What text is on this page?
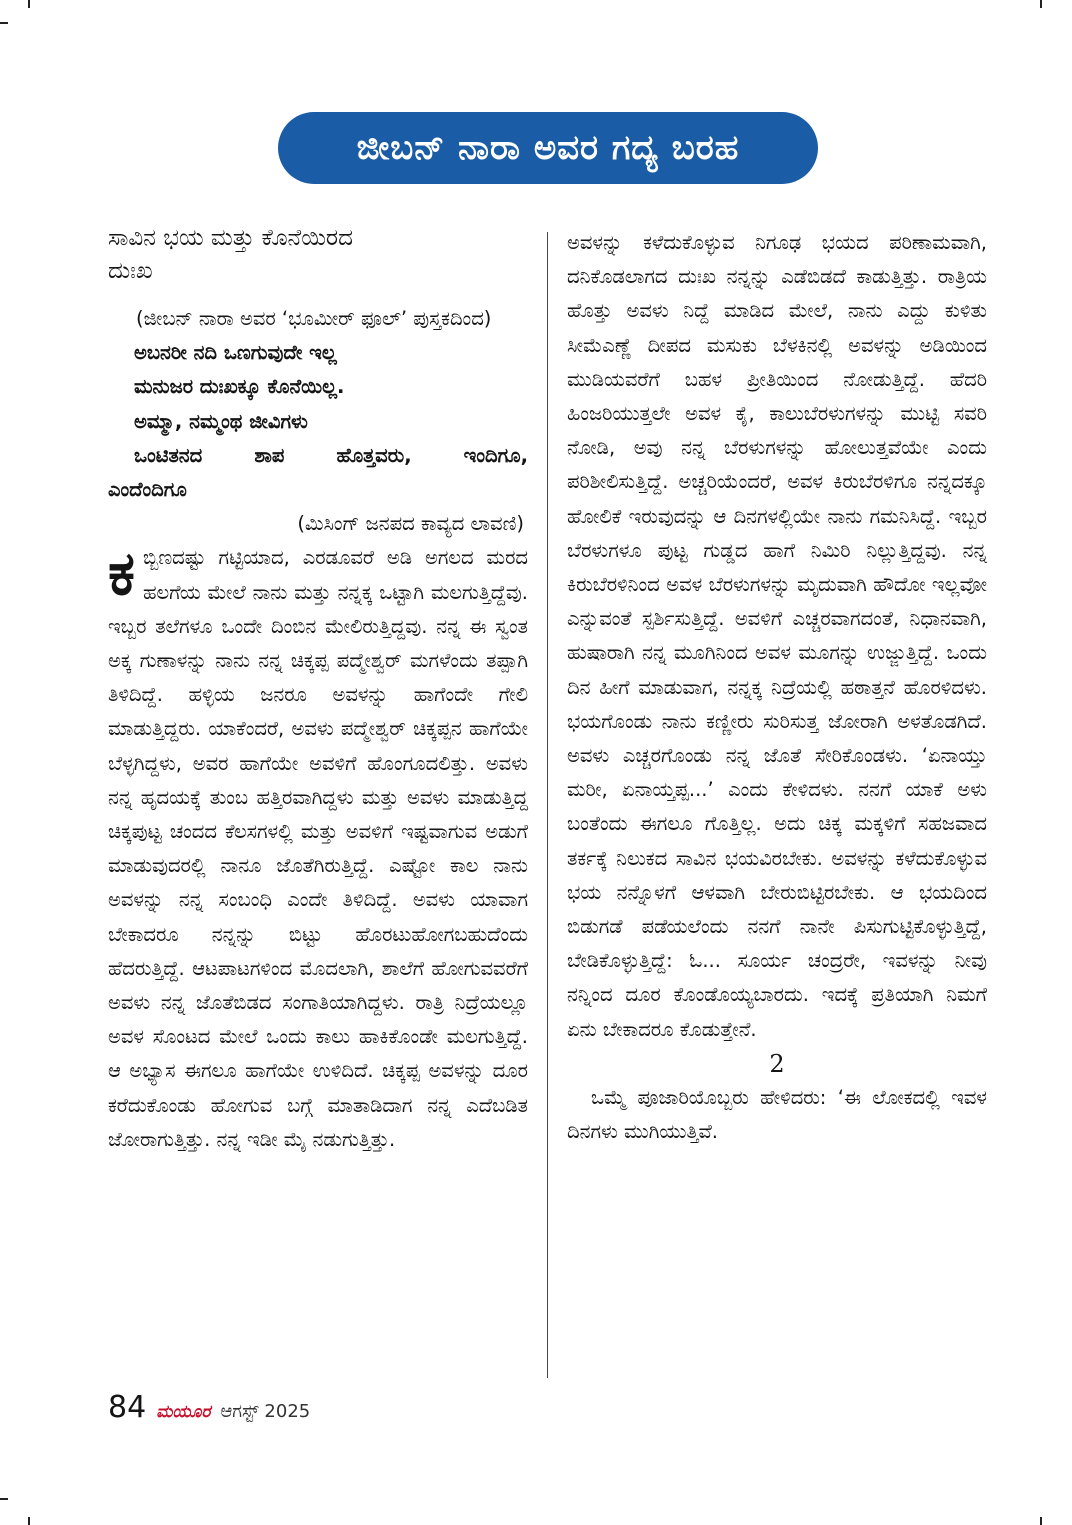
ಜೀಬನ್ ನಾರಾ ಅವರ ಗದ್ಯ ಬರಹ

ಸಾವಿನ ಭಯ ಮತ್ತು ಕೊನೆಯಿರದ
ದುಃಖ

(ಜೀಬನ್ ನಾರಾ ಅವರ ‘ಭೂಮೀರ್ ಫೂಲ್’ ಪುಸ್ತಕದಿಂದ)

ಅಬನರೀ ನದಿ ಒಣಗುವುದೇ ಇಲ್ಲ

ಮನುಜರ ದುಃಖಕ್ಕೂ ಕೊನೆಯಿಲ್ಲ.

ಅಮ್ಮಾ, ನಮ್ಮಂಥ ಜೀವಿಗಳು

ಒಂಟಿತನದ ಶಾಪ ಹೊತ್ತವರು, ಇಂದಿಗೂ,

ಎಂದೆಂದಿಗೂ

(ಮಿಸಿಂಗ್ ಜನಪದ ಕಾವ್ಯದ ಲಾವಣಿ)

ಕಬ್ಬಿಣದಷ್ಟು ಗಟ್ಟಿಯಾದ, ಎರಡೂವರೆ ಅಡಿ ಅಗಲದ ಮರದ ಹಲಗೆಯ ಮೇಲೆ ನಾನು ಮತ್ತು ನನ್ನಕ್ಕ ಒಟ್ಟಾಗಿ ಮಲಗುತ್ತಿದ್ದೆವು. ಇಬ್ಬರ ತಲೆಗಳೂ ಒಂದೇ ದಿಂಬಿನ ಮೇಲಿರುತ್ತಿದ್ದವು. ನನ್ನ ಈ ಸ್ವಂತ ಅಕ್ಕ ಗುಣಾಳನ್ನು ನಾನು ನನ್ನ ಚಿಕ್ಕಪ್ಪ ಪದ್ಮೇಶ್ವರ್ ಮಗಳೆಂದು ತಪ್ಪಾಗಿ ತಿಳಿದಿದ್ದೆ. ಹಳ್ಳಿಯ ಜನರೂ ಅವಳನ್ನು ಹಾಗೆಂದೇ ಗೇಲಿ ಮಾಡುತ್ತಿದ್ದರು. ಯಾಕೆಂದರೆ, ಅವಳು ಪದ್ಮೇಶ್ವರ್ ಚಿಕ್ಕಪ್ಪನ ಹಾಗೆಯೇ ಬೆಳ್ಳಗಿದ್ದಳು, ಅವರ ಹಾಗೆಯೇ ಅವಳಿಗೆ ಹೊಂಗೂದಲಿತ್ತು. ಅವಳು ನನ್ನ ಹೃದಯಕ್ಕೆ ತುಂಬ ಹತ್ತಿರವಾಗಿದ್ದಳು ಮತ್ತು ಅವಳು ಮಾಡುತ್ತಿದ್ದ ಚಿಕ್ಕಪುಟ್ಟ ಚಂದದ ಕೆಲಸಗಳಲ್ಲಿ ಮತ್ತು ಅವಳಿಗೆ ಇಷ್ಟವಾಗುವ ಅಡುಗೆ ಮಾಡುವುದರಲ್ಲಿ ನಾನೂ ಜೊತೆಗಿರುತ್ತಿದ್ದೆ. ಎಷ್ಟೋ ಕಾಲ ನಾನು ಅವಳನ್ನು ನನ್ನ ಸಂಬಂಧಿ ಎಂದೇ ತಿಳಿದಿದ್ದೆ. ಅವಳು ಯಾವಾಗ ಬೇಕಾದರೂ ನನ್ನನ್ನು ಬಿಟ್ಟು ಹೊರಟುಹೋಗಬಹುದೆಂದು ಹೆದರುತ್ತಿದ್ದೆ. ಆಟಪಾಟಗಳಿಂದ ಮೊದಲಾಗಿ, ಶಾಲೆಗೆ ಹೋಗುವವರೆಗೆ ಅವಳು ನನ್ನ ಜೊತೆಬಿಡದ ಸಂಗಾತಿಯಾಗಿದ್ದಳು. ರಾತ್ರಿ ನಿದ್ರೆಯಲ್ಲೂ ಅವಳ ಸೊಂಟದ ಮೇಲೆ ಒಂದು ಕಾಲು ಹಾಕಿಕೊಂಡೇ ಮಲಗುತ್ತಿದ್ದೆ. ಆ ಅಭ್ಯಾಸ ಈಗಲೂ ಹಾಗೆಯೇ ಉಳಿದಿದೆ. ಚಿಕ್ಕಪ್ಪ ಅವಳನ್ನು ದೂರ ಕರೆದುಕೊಂಡು ಹೋಗುವ ಬಗ್ಗೆ ಮಾತಾಡಿದಾಗ ನನ್ನ ಎದೆಬಡಿತ ಜೋರಾಗುತ್ತಿತ್ತು. ನನ್ನ ಇಡೀ ಮೈ ನಡುಗುತ್ತಿತ್ತು.

ಅವಳನ್ನು ಕಳೆದುಕೊಳ್ಳುವ ನಿಗೂಢ ಭಯದ ಪರಿಣಾಮವಾಗಿ, ದನಿಕೊಡಲಾಗದ ದುಃಖ ನನ್ನನ್ನು ಎಡೆಬಿಡದೆ ಕಾಡುತ್ತಿತ್ತು. ರಾತ್ರಿಯ ಹೊತ್ತು ಅವಳು ನಿದ್ದೆ ಮಾಡಿದ ಮೇಲೆ, ನಾನು ಎದ್ದು ಕುಳಿತು ಸೀಮೆಎಣ್ಣೆ ದೀಪದ ಮಸುಕು ಬೆಳಕಿನಲ್ಲಿ ಅವಳನ್ನು ಅಡಿಯಿಂದ ಮುಡಿಯವರೆಗೆ ಬಹಳ ಪ್ರೀತಿಯಿಂದ ನೋಡುತ್ತಿದ್ದೆ. ಹೆದರಿ ಹಿಂಜರಿಯುತ್ತಲೇ ಅವಳ ಕೈ, ಕಾಲುಬೆರಳುಗಳನ್ನು ಮುಟ್ಟಿ ಸವರಿ ನೋಡಿ, ಅವು ನನ್ನ ಬೆರಳುಗಳನ್ನು ಹೋಲುತ್ತವೆಯೇ ಎಂದು ಪರಿಶೀಲಿಸುತ್ತಿದ್ದೆ. ಅಚ್ಚರಿಯೆಂದರೆ, ಅವಳ ಕಿರುಬೆರಳಿಗೂ ನನ್ನದಕ್ಕೂ ಹೋಲಿಕೆ ಇರುವುದನ್ನು ಆ ದಿನಗಳಲ್ಲಿಯೇ ನಾನು ಗಮನಿಸಿದ್ದೆ. ಇಬ್ಬರ ಬೆರಳುಗಳೂ ಪುಟ್ಟ ಗುಡ್ಡದ ಹಾಗೆ ನಿಮಿರಿ ನಿಲ್ಲುತ್ತಿದ್ದವು. ನನ್ನ ಕಿರುಬೆರಳಿನಿಂದ ಅವಳ ಬೆರಳುಗಳನ್ನು ಮೃದುವಾಗಿ ಹೌದೋ ಇಲ್ಲವೋ ಎನ್ನುವಂತೆ ಸ್ಪರ್ಶಿಸುತ್ತಿದ್ದೆ. ಅವಳಿಗೆ ಎಚ್ಚರವಾಗದಂತೆ, ನಿಧಾನವಾಗಿ, ಹುಷಾರಾಗಿ ನನ್ನ ಮೂಗಿನಿಂದ ಅವಳ ಮೂಗನ್ನು ಉಜ್ಜುತ್ತಿದ್ದೆ. ಒಂದು ದಿನ ಹೀಗೆ ಮಾಡುವಾಗ, ನನ್ನಕ್ಕ ನಿದ್ರೆಯಲ್ಲಿ ಹಠಾತ್ತನೆ ಹೊರಳಿದಳು. ಭಯಗೊಂಡು ನಾನು ಕಣ್ಣೀರು ಸುರಿಸುತ್ತ ಜೋರಾಗಿ ಅಳತೊಡಗಿದೆ. ಅವಳು ಎಚ್ಚರಗೊಂಡು ನನ್ನ ಜೊತೆ ಸೇರಿಕೊಂಡಳು. ‘ಏನಾಯ್ತು ಮರೀ, ಏನಾಯ್ತಪ್ಪ...’ ಎಂದು ಕೇಳಿದಳು. ನನಗೆ ಯಾಕೆ ಅಳು ಬಂತೆಂದು ಈಗಲೂ ಗೊತ್ತಿಲ್ಲ. ಅದು ಚಿಕ್ಕ ಮಕ್ಕಳಿಗೆ ಸಹಜವಾದ ತರ್ಕಕ್ಕೆ ನಿಲುಕದ ಸಾವಿನ ಭಯವಿರಬೇಕು. ಅವಳನ್ನು ಕಳೆದುಕೊಳ್ಳುವ ಭಯ ನನ್ನೊಳಗೆ ಆಳವಾಗಿ ಬೇರುಬಿಟ್ಟಿರಬೇಕು. ಆ ಭಯದಿಂದ ಬಿಡುಗಡೆ ಪಡೆಯಲೆಂದು ನನಗೆ ನಾನೇ ಪಿಸುಗುಟ್ಟಿಕೊಳ್ಳುತ್ತಿದ್ದೆ, ಬೇಡಿಕೊಳ್ಳುತ್ತಿದ್ದೆ: ಓ... ಸೂರ್ಯ ಚಂದ್ರರೇ, ಇವಳನ್ನು ನೀವು ನನ್ನಿಂದ ದೂರ ಕೊಂಡೊಯ್ಯಬಾರದು. ಇದಕ್ಕೆ ಪ್ರತಿಯಾಗಿ ನಿಮಗೆ ಏನು ಬೇಕಾದರೂ ಕೊಡುತ್ತೇನೆ.

2

ಒಮ್ಮೆ ಪೂಜಾರಿಯೊಬ್ಬರು ಹೇಳಿದರು: ‘ಈ ಲೋಕದಲ್ಲಿ ಇವಳ ದಿನಗಳು ಮುಗಿಯುತ್ತಿವೆ.

84 ಮಯೂರ ಆಗಸ್ಟ್ 2025
